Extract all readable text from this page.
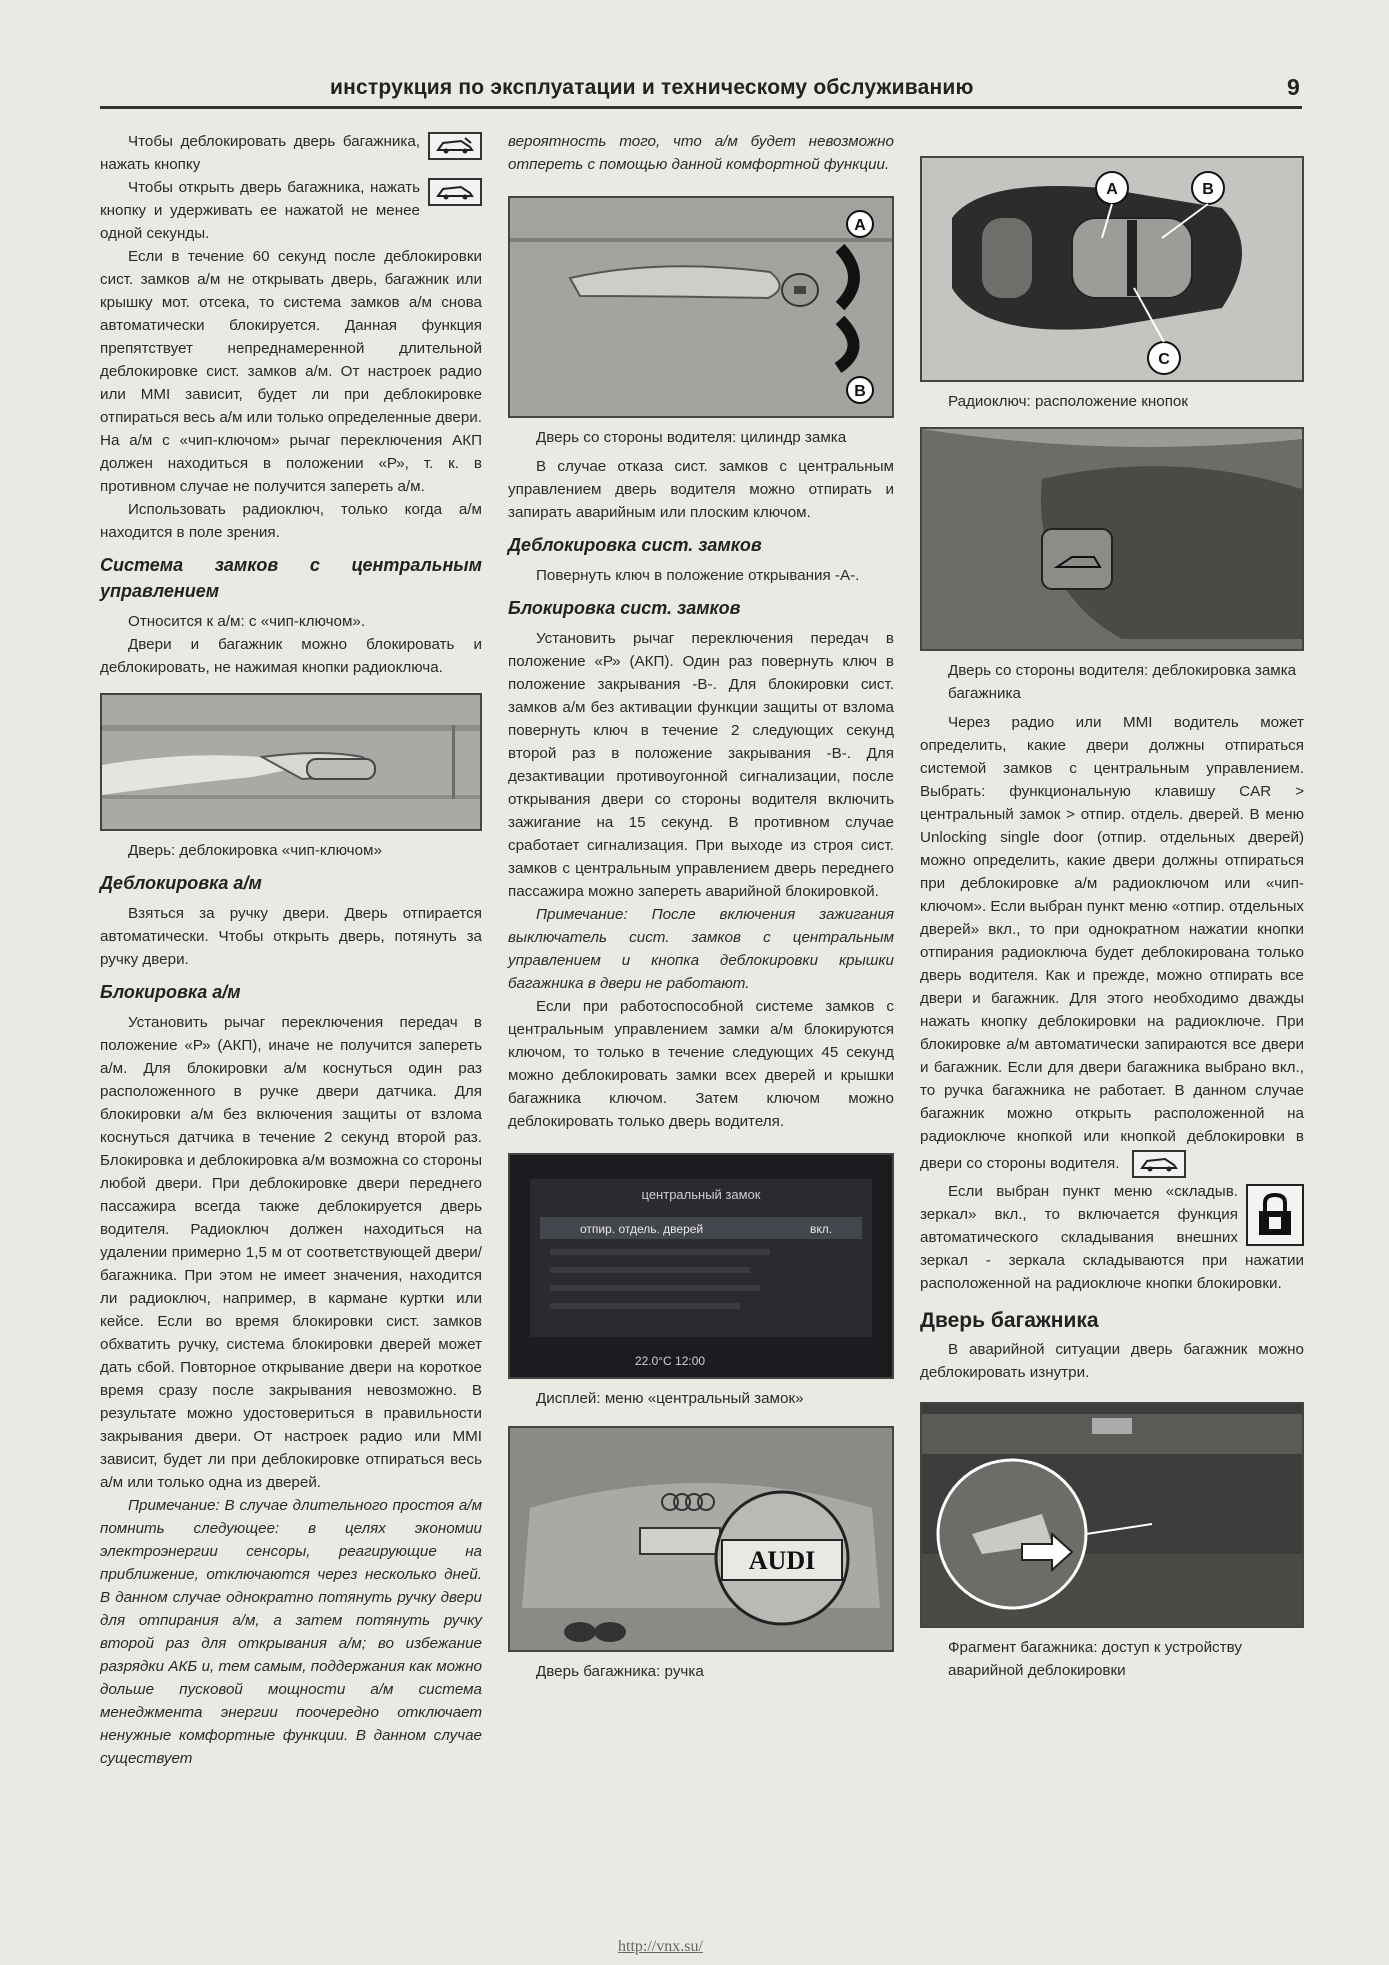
инструкция по эксплуатации и техническому обслуживанию	9

Чтобы деблокировать дверь багажника, нажать кнопку

Чтобы открыть дверь багажника, нажать кнопку и удерживать ее нажатой не менее одной секунды.

Если в течение 60 секунд после деблокировки сист. замков а/м не открывать дверь, багажник или крышку мот. отсека, то система замков а/м снова автоматически блокируется. Данная функция препятствует непреднамеренной длительной деблокировке сист. замков а/м. От настроек радио или MMI зависит, будет ли при деблокировке отпираться весь а/м или только определенные двери. На а/м с «чип-ключом» рычаг переключения АКП должен находиться в положении «Р», т. к. в противном случае не получится запереть а/м.

Использовать радиоключ, только когда а/м находится в поле зрения.

Система замков с центральным управлением

Относится к а/м: с «чип-ключом».

Двери и багажник можно блокировать и деблокировать, не нажимая кнопки радиоключа.

Дверь: деблокировка «чип-ключом»

Деблокировка а/м

Взяться за ручку двери. Дверь отпирается автоматически. Чтобы открыть дверь, потянуть за ручку двери.

Блокировка а/м

Установить рычаг переключения передач в положение «Р» (АКП), иначе не получится запереть а/м. Для блокировки а/м коснуться один раз расположенного в ручке двери датчика. Для блокировки а/м без включения защиты от взлома коснуться датчика в течение 2 секунд второй раз. Блокировка и деблокировка а/м возможна со стороны любой двери. При деблокировке двери переднего пассажира всегда также деблокируется дверь водителя. Радиоключ должен находиться на удалении примерно 1,5 м от соответствующей двери/багажника. При этом не имеет значения, находится ли радиоключ, например, в кармане куртки или кейсе. Если во время блокировки сист. замков обхватить ручку, система блокировки дверей может дать сбой. Повторное открывание двери на короткое время сразу после закрывания невозможно. В результате можно удостовериться в правильности закрывания двери. От настроек радио или MMI зависит, будет ли при деблокировке отпираться весь а/м или только одна из дверей.

Примечание: В случае длительного простоя а/м помнить следующее: в целях экономии электроэнергии сенсоры, реагирующие на приближение, отключаются через несколько дней. В данном случае однократно потянуть ручку двери для отпирания а/м, а затем потянуть ручку второй раз для открывания а/м; во избежание разрядки АКБ и, тем самым, поддержания как можно дольше пусковой мощности а/м система менеджмента энергии поочередно отключает ненужные комфортные функции. В данном случае существует

вероятность того, что а/м будет невозможно отпереть с помощью данной комфортной функции.

A
B

Дверь со стороны водителя: цилиндр замка

В случае отказа сист. замков с центральным управлением дверь водителя можно отпирать и запирать аварийным или плоским ключом.

Деблокировка сист. замков

Повернуть ключ в положение открывания -А-.

Блокировка сист. замков

Установить рычаг переключения передач в положение «Р» (АКП). Один раз повернуть ключ в положение закрывания -В-. Для блокировки сист. замков а/м без активации функции защиты от взлома повернуть ключ в течение 2 следующих секунд второй раз в положение закрывания -В-. Для дезактивации противоугонной сигнализации, после открывания двери со стороны водителя включить зажигание на 15 секунд. В противном случае сработает сигнализация. При выходе из строя сист. замков с центральным управлением дверь переднего пассажира можно запереть аварийной блокировкой.

Примечание: После включения зажигания выключатель сист. замков с центральным управлением и кнопка деблокировки крышки багажника в двери не работают.

Если при работоспособной системе замков с центральным управлением замки а/м блокируются ключом, то только в течение следующих 45 секунд можно деблокировать замки всех дверей и крышки багажника ключом. Затем ключом можно деблокировать только дверь водителя.

центральный замок
отпир. отдель. дверей	вкл.
22.0°C 12:00

Дисплей: меню «центральный замок»

AUDI

Дверь багажника: ручка

A	B
C

Радиоключ: расположение кнопок

Дверь со стороны водителя: деблокировка замка багажника

Через радио или MMI водитель может определить, какие двери должны отпираться системой замков с центральным управлением. Выбрать: функциональную клавишу CAR > центральный замок > отпир. отдель. дверей. В меню Unlocking single door (отпир. отдельных дверей) можно определить, какие двери должны отпираться при деблокировке а/м радиоключом или «чип-ключом». Если выбран пункт меню «отпир. отдельных дверей» вкл., то при однократном нажатии кнопки отпирания радиоключа будет деблокирована только дверь водителя. Как и прежде, можно отпирать все двери и багажник. Для этого необходимо дважды нажать кнопку деблокировки на радиоключе. При блокировке а/м автоматически запираются все двери и багажник. Если для двери багажника выбрано вкл., то ручка багажника не работает. В данном случае багажник можно открыть расположенной на радиоключе кнопкой или кнопкой деблокировки в двери со стороны водителя.

Если выбран пункт меню «складыв. зеркал» вкл., то включается функция автоматического складывания внешних зеркал - зеркала складываются при нажатии расположенной на радиоключе кнопки блокировки.

Дверь багажника

В аварийной ситуации дверь багажник можно деблокировать изнутри.

Фрагмент багажника: доступ к устройству аварийной деблокировки

http://vnx.su/
